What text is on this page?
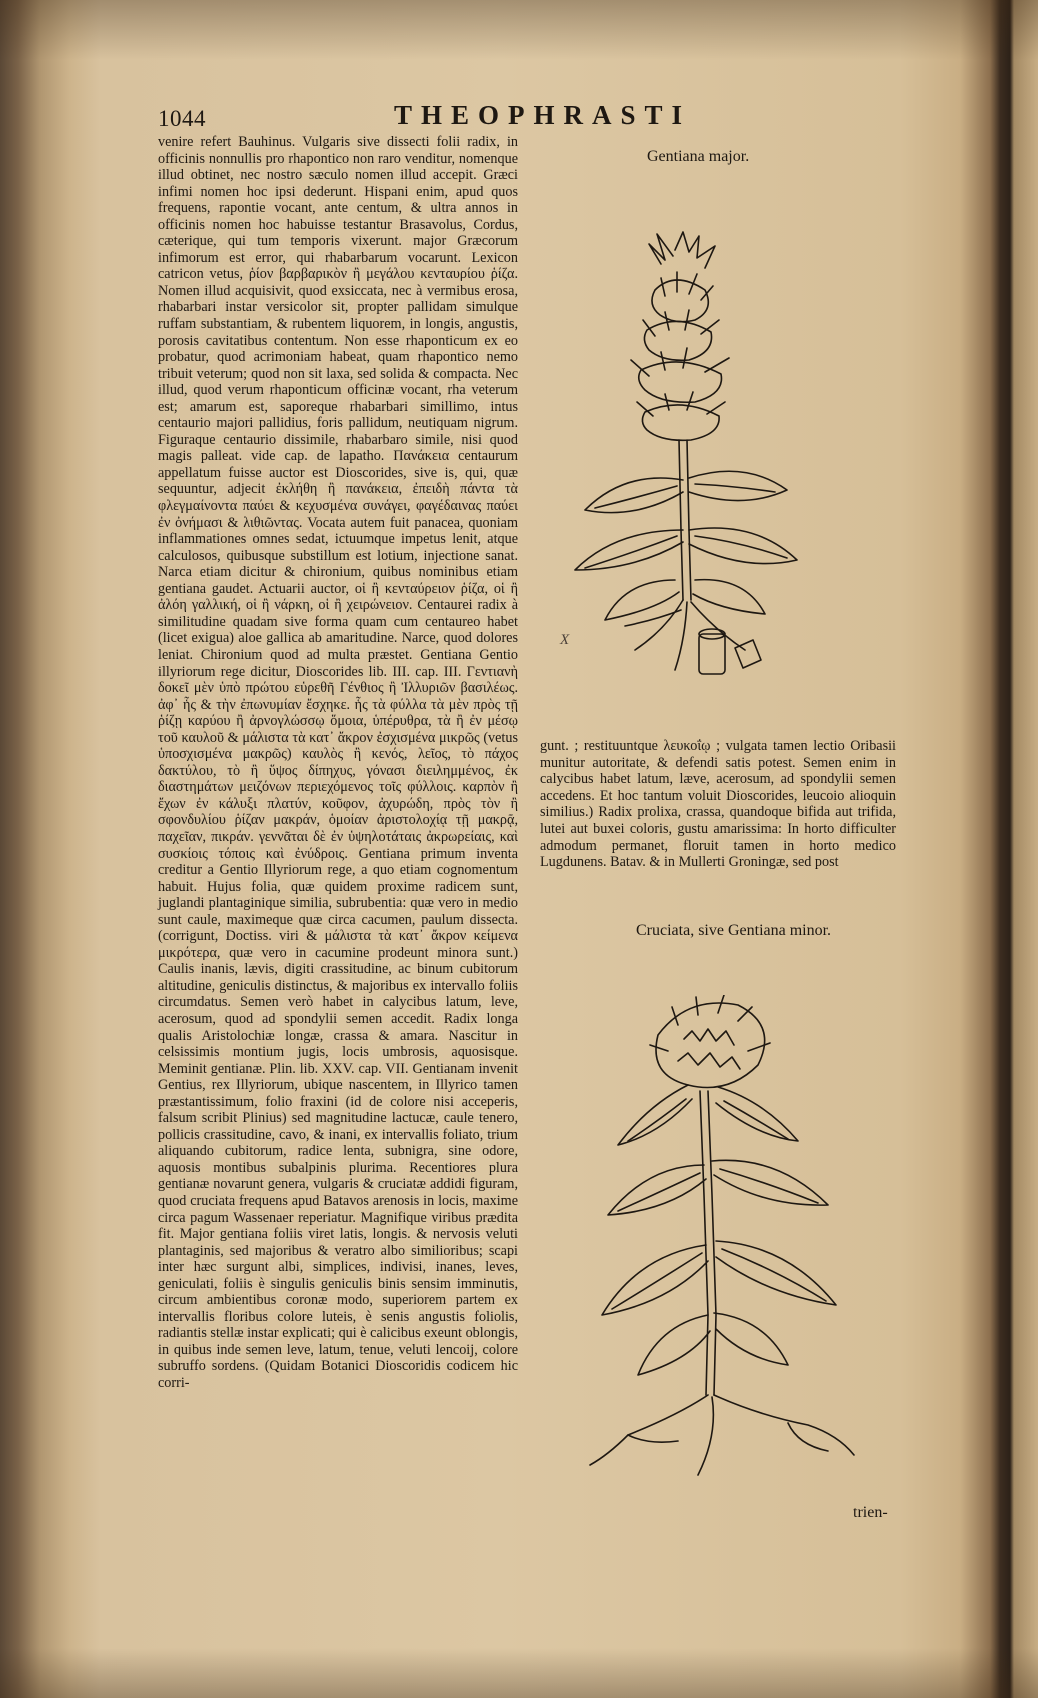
1044	THEOPHRASTI

venire refert Bauhinus. Vulgaris sive dissecti folii radix, in officinis nonnullis pro rhapontico non raro venditur, nomenque illud obtinet, nec nostro sæculo nomen illud accepit. Græci infimi nomen hoc ipsi dederunt. Hispani enim, apud quos frequens, rapontie vocant, ante centum, & ultra annos in officinis nomen hoc habuisse testantur Brasavolus, Cordus, cæterique, qui tum temporis vixerunt. major Græcorum infimorum est error, qui rhabarbarum vocarunt. Lexicon catricon vetus, ῥίον βαρβαρικὸν ἢ μεγάλου κενταυρίου ῥίζα. Nomen illud acquisivit, quod exsiccata, nec à vermibus erosa, rhabarbari instar versicolor sit, propter pallidam simulque ruffam substantiam, & rubentem liquorem, in longis, angustis, porosis cavitatibus contentum. Non esse rhaponticum ex eo probatur, quod acrimoniam habeat, quam rhapontico nemo tribuit veterum; quod non sit laxa, sed solida & compacta. Nec illud, quod verum rhaponticum officinæ vocant, rha veterum est; amarum est, saporeque rhabarbari simillimo, intus centaurio majori pallidius, foris pallidum, neutiquam nigrum. Figuraque centaurio dissimile, rhabarbaro simile, nisi quod magis palleat. vide cap. de lapatho. Πανάκεια centaurum appellatum fuisse auctor est Dioscorides, sive is, qui, quæ sequuntur, adjecit ἐκλήθη ἢ πανάκεια, ἐπειδὴ πάντα τὰ φλεγμαίνοντα παύει & κεχυσμένα συνάγει, φαγέδαινας παύει ἐν ὀνήμασι & λιθιῶντας. Vocata autem fuit panacea, quoniam inflammationes omnes sedat, ictuumque impetus lenit, atque calculosos, quibusque substillum est lotium, injectione sanat. Narca etiam dicitur & chironium, quibus nominibus etiam gentiana gaudet. Actuarii auctor, οἱ ἢ κενταύρειον ῥίζα, οἱ ἢ ἀλόη γαλλική, οἱ ἢ νάρκη, οἱ ἢ χειρώνειον. Centaurei radix à similitudine quadam sive forma quam cum centaureo habet (licet exigua) aloe gallica ab amaritudine. Narce, quod dolores leniat. Chironium quod ad multa præstet. Gentiana Gentio illyriorum rege dicitur, Dioscorides lib. III. cap. III. Γεντιανὴ δοκεῖ μὲν ὑπὸ πρώτου εὑρεθῆ Γένθιος ἢ Ἰλλυριῶν βασιλέως. ἀφ᾽ ἧς & τὴν ἐπωνυμίαν ἔσχηκε. ἧς τὰ φύλλα τὰ μὲν πρὸς τῇ ῥίζῃ καρύου ἢ ἀρνογλώσσῳ ὅμοια, ὑπέρυθρα, τὰ ἢ ἐν μέσῳ τοῦ καυλοῦ & μάλιστα τὰ κατ᾽ ἄκρον ἐσχισμένα μικρῶς (vetus ὑποσχισμένα μακρῶς) καυλὸς ἢ κενός, λεῖος, τὸ πάχος δακτύλου, τὸ ἢ ὕψος δίπηχυς, γόνασι διειλημμένος, ἐκ διαστημάτων μειζόνων περιεχόμενος τοῖς φύλλοις. καρπὸν ἢ ἔχων ἐν κάλυξι πλατύν, κοῦφον, ἀχυρώδη, πρὸς τὸν ἢ σφονδυλίου ῥίζαν μακράν, ὁμοίαν ἀριστολοχίᾳ τῇ μακρᾷ, παχεῖαν, πικράν. γεννᾶται δὲ ἐν ὑψηλοτάταις ἀκρωρείαις, καὶ συσκίοις τόποις καὶ ἐνύδροις. Gentiana primum inventa creditur a Gentio Illyriorum rege, a quo etiam cognomentum habuit. Hujus folia, quæ quidem proxime radicem sunt, juglandi plantaginique similia, subrubentia: quæ vero in medio sunt caule, maximeque quæ circa cacumen, paulum dissecta. (corrigunt, Doctiss. viri & μάλιστα τὰ κατ᾽ ἄκρον κείμενα μικρότερα, quæ vero in cacumine prodeunt minora sunt.) Caulis inanis, lævis, digiti crassitudine, ac binum cubitorum altitudine, geniculis distinctus, & majoribus ex intervallo foliis circumdatus. Semen verò habet in calycibus latum, leve, acerosum, quod ad spondylii semen accedit. Radix longa qualis Aristolochiæ longæ, crassa & amara. Nascitur in celsissimis montium jugis, locis umbrosis, aquosisque. Meminit gentianæ. Plin. lib. XXV. cap. VII. Gentianam invenit Gentius, rex Illyriorum, ubique nascentem, in Illyrico tamen præstantissimum, folio fraxini (id de colore nisi acceperis, falsum scribit Plinius) sed magnitudine lactucæ, caule tenero, pollicis crassitudine, cavo, & inani, ex intervallis foliato, trium aliquando cubitorum, radice lenta, subnigra, sine odore, aquosis montibus subalpinis plurima. Recentiores plura gentianæ novarunt genera, vulgaris & cruciatæ addidi figuram, quod cruciata frequens apud Batavos arenosis in locis, maxime circa pagum Wassenaer reperiatur. Magnifique viribus prædita fit. Major gentiana foliis viret latis, longis. & nervosis veluti plantaginis, sed majoribus & veratro albo similioribus; scapi inter hæc surgunt albi, simplices, indivisi, inanes, leves, geniculati, foliis è singulis geniculis binis sensim imminutis, circum ambientibus coronæ modo, superiorem partem ex intervallis floribus colore luteis, è senis angustis foliolis, radiantis stellæ instar explicati; qui è calicibus exeunt oblongis, in quibus inde semen leve, latum, tenue, veluti lencoij, colore subruffo sordens. (Quidam Botanici Dioscoridis codicem hic corri-

Gentiana major.
X

gunt. ; restituuntque λευκοΐῳ ; vulgata tamen lectio Oribasii munitur autoritate, & defendi satis potest. Semen enim in calycibus habet latum, læve, acerosum, ad spondylii semen accedens. Et hoc tantum voluit Dioscorides, leucoio alioquin similius.) Radix prolixa, crassa, quandoque bifida aut trifida, lutei aut buxei coloris, gustu amarissima: In horto difficulter admodum permanet, floruit tamen in horto medico Lugdunens. Batav. & in Mullerti Groningæ, sed post

Cruciata, sive Gentiana minor.
trien-
